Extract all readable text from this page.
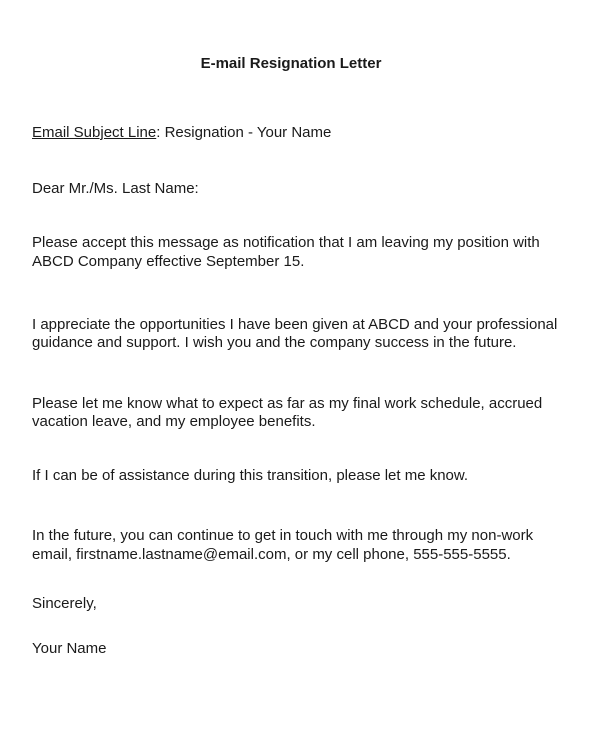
E-mail Resignation Letter
Email Subject Line: Resignation - Your Name
Dear Mr./Ms. Last Name:
Please accept this message as notification that I am leaving my position with
ABCD Company effective September 15.
I appreciate the opportunities I have been given at ABCD and your professional
guidance and support. I wish you and the company success in the future.
Please let me know what to expect as far as my final work schedule, accrued
vacation leave, and my employee benefits.
If I can be of assistance during this transition, please let me know.
In the future, you can continue to get in touch with me through my non-work
email, firstname.lastname@email.com, or my cell phone, 555-555-5555.
Sincerely,
Your Name
